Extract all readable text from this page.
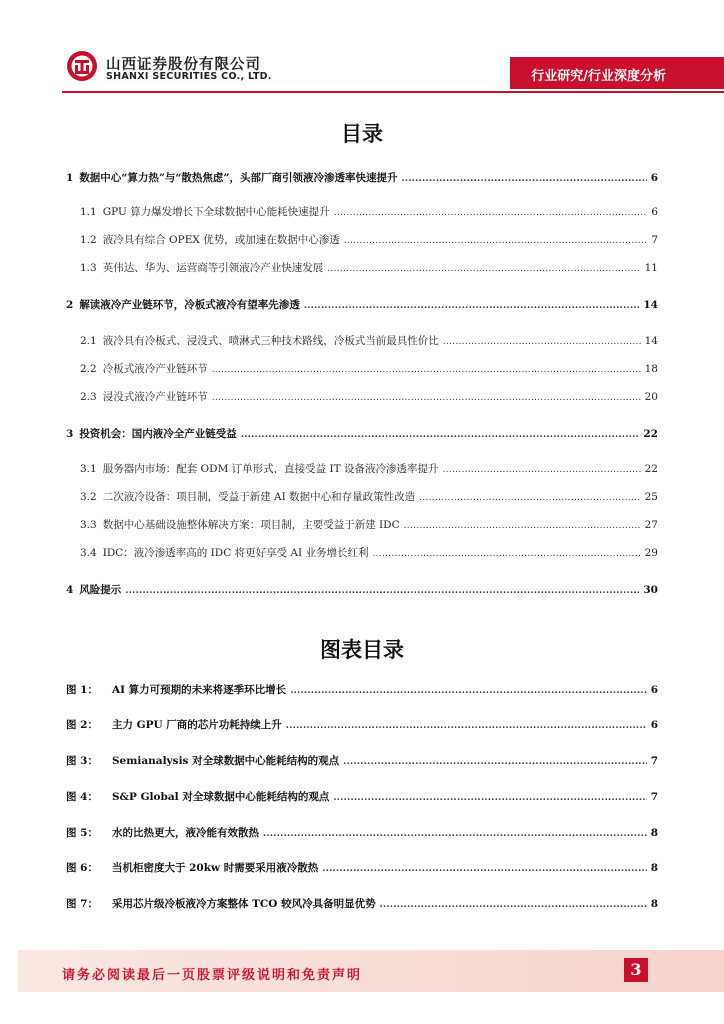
山西证券股份有限公司
SHANXI SECURITIES CO., LTD.	行业研究/行业深度分析
目录
1 数据中心“算力热”与“散热焦虑”，头部厂商引领液冷渗透率快速提升 .....	6
1.1 GPU 算力爆发增长下全球数据中心能耗快速提升 .....	6
1.2 液冷具有综合 OPEX 优势，或加速在数据中心渗透 .....	7
1.3 英伟达、华为、运营商等引领液冷产业快速发展 .....	11
2 解读液冷产业链环节，冷板式液冷有望率先渗透 .....	14
2.1 液冷具有冷板式、浸没式、喷淋式三种技术路线，冷板式当前最具性价比 .....	14
2.2 冷板式液冷产业链环节 .....	18
2.3 浸没式液冷产业链环节 .....	20
3 投资机会：国内液冷全产业链受益 .....	22
3.1 服务器内市场：配套 ODM 订单形式，直接受益 IT 设备液冷渗透率提升 .....	22
3.2 二次液冷设备：项目制，受益于新建 AI 数据中心和存量政策性改造 .....	25
3.3 数据中心基础设施整体解决方案：项目制，主要受益于新建 IDC .....	27
3.4 IDC：液冷渗透率高的 IDC 将更好享受 AI 业务增长红利 .....	29
4 风险提示 .....	30
图表目录
图 1： AI 算力可预期的未来将逐季环比增长 .....	6
图 2： 主力 GPU 厂商的芯片功耗持续上升 .....	6
图 3： Semianalysis 对全球数据中心能耗结构的观点 .....	7
图 4： S&P Global 对全球数据中心能耗结构的观点 .....	7
图 5： 水的比热更大，液冷能有效散热 .....	8
图 6： 当机柜密度大于 20kw 时需要采用液冷散热 .....	8
图 7： 采用芯片级冷板液冷方案整体 TCO 较风冷具备明显优势 .....	8
请务必阅读最后一页股票评级说明和免责声明	3
